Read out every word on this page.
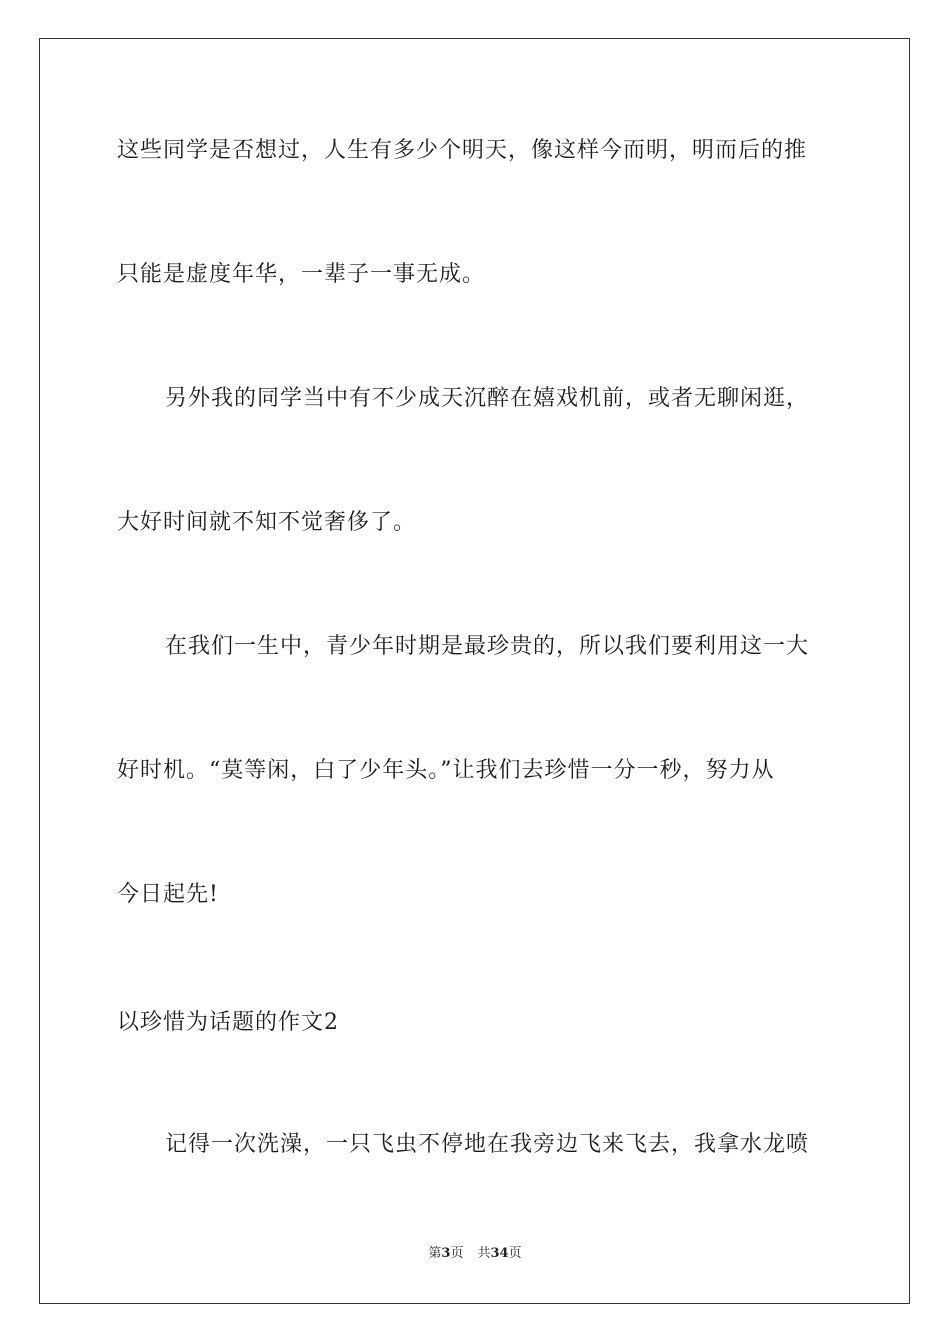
这些同学是否想过，人生有多少个明天，像这样今而明，明而后的推
只能是虚度年华，一辈子一事无成。
另外我的同学当中有不少成天沉醉在嬉戏机前，或者无聊闲逛，
大好时间就不知不觉奢侈了。
在我们一生中，青少年时期是最珍贵的，所以我们要利用这一大
好时机。“莫等闲，白了少年头。”让我们去珍惜一分一秒，努力从
今日起先!
以珍惜为话题的作文2
记得一次洗澡，一只飞虫不停地在我旁边飞来飞去，我拿水龙喷
第3页 共34页
